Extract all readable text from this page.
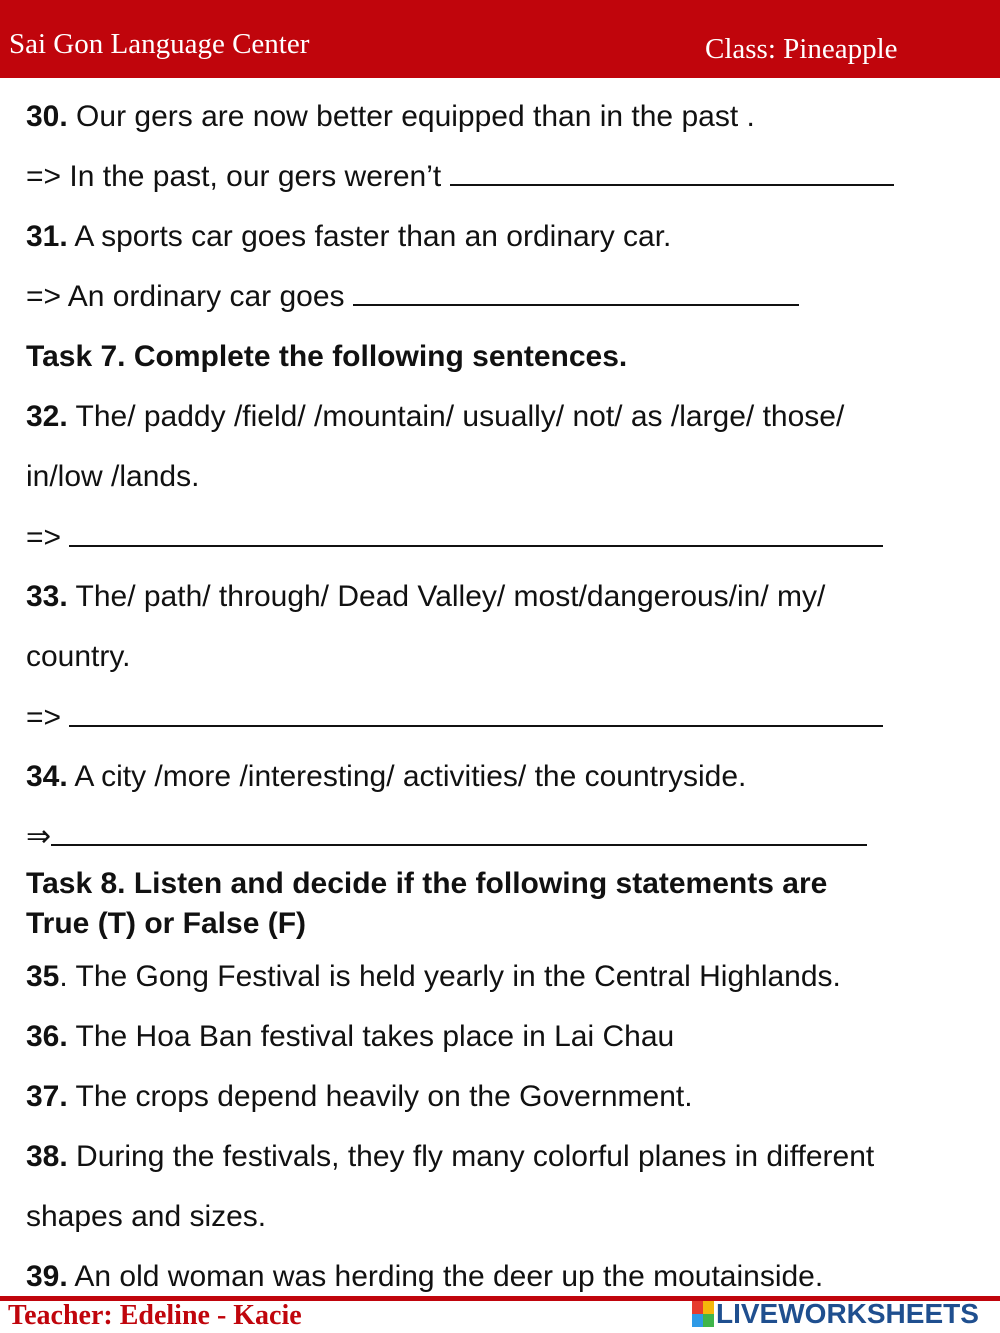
Sai Gon Language Center	Class: Pineapple
30. Our gers are now better equipped than in the past .
=> In the past, our gers weren’t
31. A sports car goes faster than an ordinary car.
=> An ordinary car goes
Task 7. Complete the following sentences.
32. The/ paddy /field/ /mountain/ usually/ not/ as /large/ those/
in/low /lands.
=>
33. The/ path/ through/ Dead Valley/ most/dangerous/in/ my/
country.
=>
34. A city /more /interesting/ activities/ the countryside.
⇒
Task 8. Listen and decide if the following statements are
True (T) or False (F)
35. The Gong Festival is held yearly in the Central Highlands.
36. The Hoa Ban festival takes place in Lai Chau
37. The crops depend heavily on the Government.
38. During the festivals, they fly many colorful planes in different
shapes and sizes.
39. An old woman was herding the deer up the moutainside.
Teacher: Edeline - Kacie	LIVEWORKSHEETS
